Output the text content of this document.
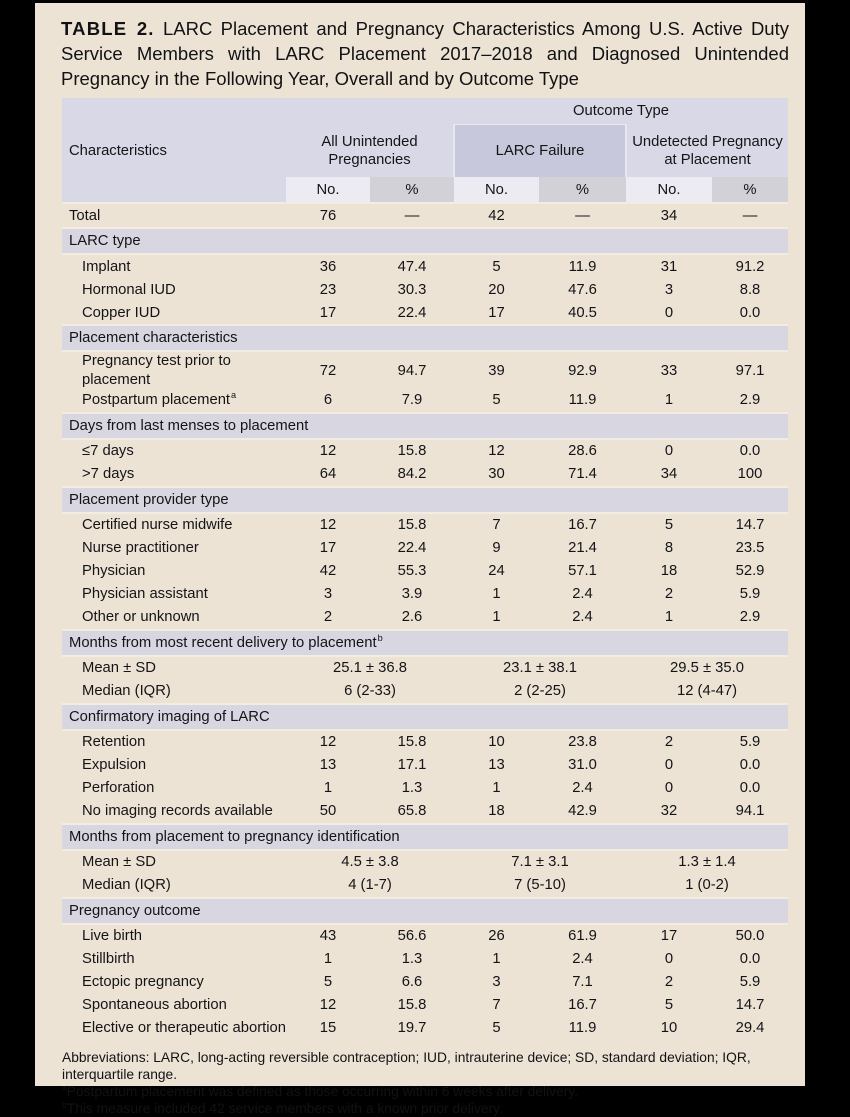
TABLE 2. LARC Placement and Pregnancy Characteristics Among U.S. Active Duty Service Members with LARC Placement 2017–2018 and Diagnosed Unintended Pregnancy in the Following Year, Overall and by Outcome Type
			Outcome Type			
Characteristics	All Unintended Pregnancies		LARC Failure		Undetected Pregnancy at Placement	
	No.	%	No.	%	No.	%
Total	76	—	42	—	34	—
LARC type						
Implant	36	47.4	5	11.9	31	91.2
Hormonal IUD	23	30.3	20	47.6	3	8.8
Copper IUD	17	22.4	17	40.5	0	0.0
Placement characteristics						
Pregnancy test prior to placement	72	94.7	39	92.9	33	97.1
Postpartum placement$^a$	6	7.9	5	11.9	1	2.9
Days from last menses to placement						
≤7 days	12	15.8	12	28.6	0	0.0
>7 days	64	84.2	30	71.4	34	100
Placement provider type						
Certified nurse midwife	12	15.8	7	16.7	5	14.7
Nurse practitioner	17	22.4	9	21.4	8	23.5
Physician	42	55.3	24	57.1	18	52.9
Physician assistant	3	3.9	1	2.4	2	5.9
Other or unknown	2	2.6	1	2.4	1	2.9
Months from most recent delivery to placement$^b$
Mean ± SD	25.1 ± 36.8		23.1 ± 38.1		29.5 ± 35.0	
Median (IQR)	6 (2-33)		2 (2-25)		12 (4-47)	
Confirmatory imaging of LARC						
Retention	12	15.8	10	23.8	2	5.9
Expulsion	13	17.1	13	31.0	0	0.0
Perforation	1	1.3	1	2.4	0	0.0
No imaging records available	50	65.8	18	42.9	32	94.1
Months from placement to pregnancy identification						
Mean ± SD	4.5 ± 3.8		7.1 ± 3.1		1.3 ± 1.4	
Median (IQR)	4 (1-7)		7 (5-10)		1 (0-2)	
Pregnancy outcome						
Live birth	43	56.6	26	61.9	17	50.0
Stillbirth	1	1.3	1	2.4	0	0.0
Ectopic pregnancy	5	6.6	3	7.1	2	5.9
Spontaneous abortion	12	15.8	7	16.7	5	14.7
Elective or therapeutic abortion	15	19.7	5	11.9	10	29.4

Abbreviations: LARC, long-acting reversible contraception; IUD, intrauterine device; SD, standard deviation; IQR, interquartile range.

$^a$Postpartum placement was defined as those occurring within 6 weeks after delivery.

$^b$This measure included 42 service members with a known prior delivery.
